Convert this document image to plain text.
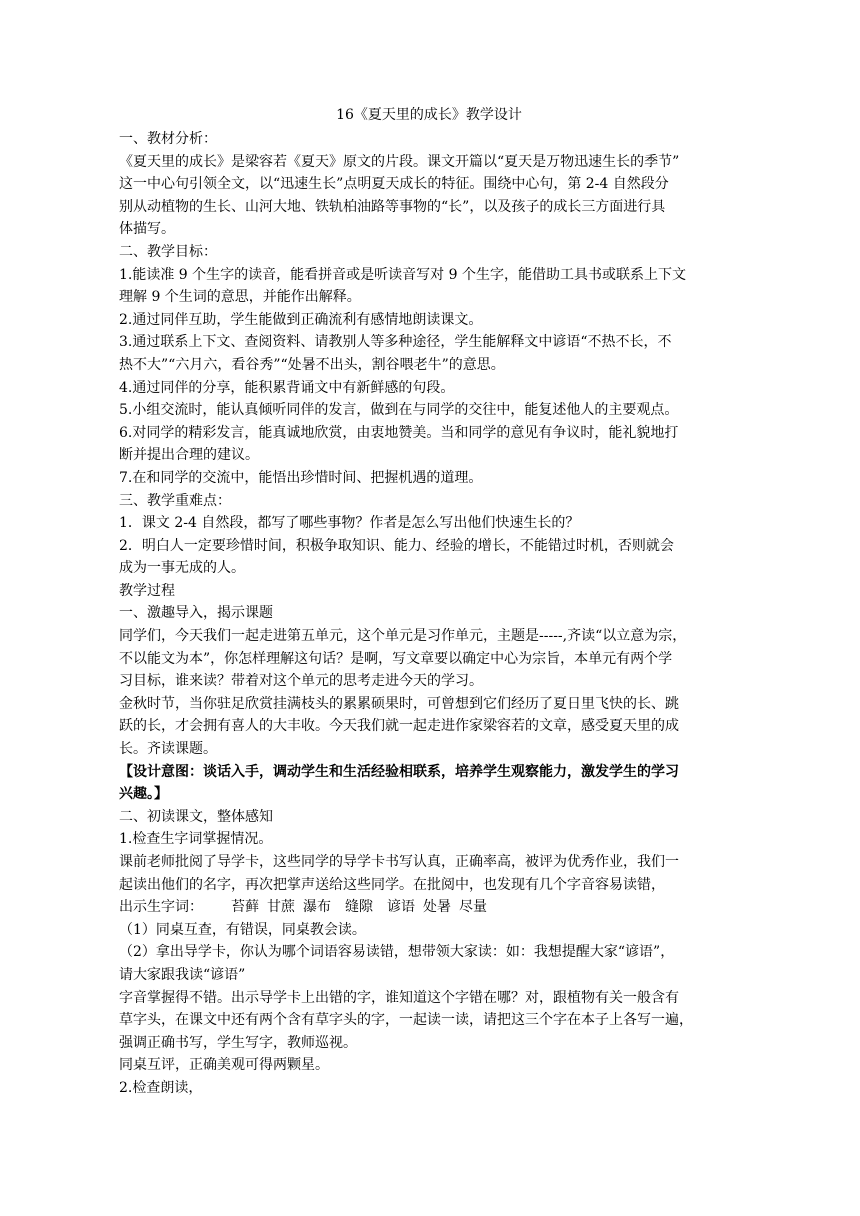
16《夏天里的成长》教学设计

一、教材分析：

《夏天里的成长》是梁容若《夏天》原文的片段。课文开篇以“夏天是万物迅速生长的季节”

这一中心句引领全文，以“迅速生长”点明夏天成长的特征。围绕中心句，第 2-4 自然段分

别从动植物的生长、山河大地、铁轨柏油路等事物的“长”，以及孩子的成长三方面进行具

体描写。

二、教学目标：

1.能读准 9 个生字的读音，能看拼音或是听读音写对 9 个生字，能借助工具书或联系上下文

理解 9 个生词的意思，并能作出解释。

2.通过同伴互助，学生能做到正确流利有感情地朗读课文。

3.通过联系上下文、查阅资料、请教别人等多种途径，学生能解释文中谚语“不热不长，不

热不大”“六月六，看谷秀”“处暑不出头，割谷喂老牛”的意思。

4.通过同伴的分享，能积累背诵文中有新鲜感的句段。

5.小组交流时，能认真倾听同伴的发言，做到在与同学的交往中，能复述他人的主要观点。

6.对同学的精彩发言，能真诚地欣赏，由衷地赞美。当和同学的意见有争议时，能礼貌地打

断并提出合理的建议。

7.在和同学的交流中，能悟出珍惜时间、把握机遇的道理。

三、教学重难点：

1．课文 2-4 自然段，都写了哪些事物？作者是怎么写出他们快速生长的？

2．明白人一定要珍惜时间，积极争取知识、能力、经验的增长，不能错过时机，否则就会

成为一事无成的人。

教学过程

一、激趣导入，揭示课题

同学们，今天我们一起走进第五单元，这个单元是习作单元，主题是-----,齐读“以立意为宗，

不以能文为本”，你怎样理解这句话？是啊，写文章要以确定中心为宗旨，本单元有两个学

习目标，谁来读？带着对这个单元的思考走进今天的学习。

金秋时节，当你驻足欣赏挂满枝头的累累硕果时，可曾想到它们经历了夏日里飞快的长、跳

跃的长，才会拥有喜人的大丰收。今天我们就一起走进作家梁容若的文章，感受夏天里的成

长。齐读课题。

【设计意图：谈话入手，调动学生和生活经验相联系，培养学生观察能力，激发学生的学习

兴趣。】

二、初读课文，整体感知

1.检查生字词掌握情况。

课前老师批阅了导学卡，这些同学的导学卡书写认真，正确率高，被评为优秀作业，我们一

起读出他们的名字，再次把掌声送给这些同学。在批阅中，也发现有几个字音容易读错，

出示生字词： 苔藓 甘蔗 瀑布 缝隙 谚语 处暑 尽量

（1）同桌互查，有错误，同桌教会读。

（2）拿出导学卡，你认为哪个词语容易读错，想带领大家读：如：我想提醒大家“谚语”，

请大家跟我读“谚语”

字音掌握得不错。出示导学卡上出错的字，谁知道这个字错在哪？对，跟植物有关一般含有

草字头，在课文中还有两个含有草字头的字，一起读一读，请把这三个字在本子上各写一遍，

强调正确书写，学生写字，教师巡视。

同桌互评，正确美观可得两颗星。

2.检查朗读，
